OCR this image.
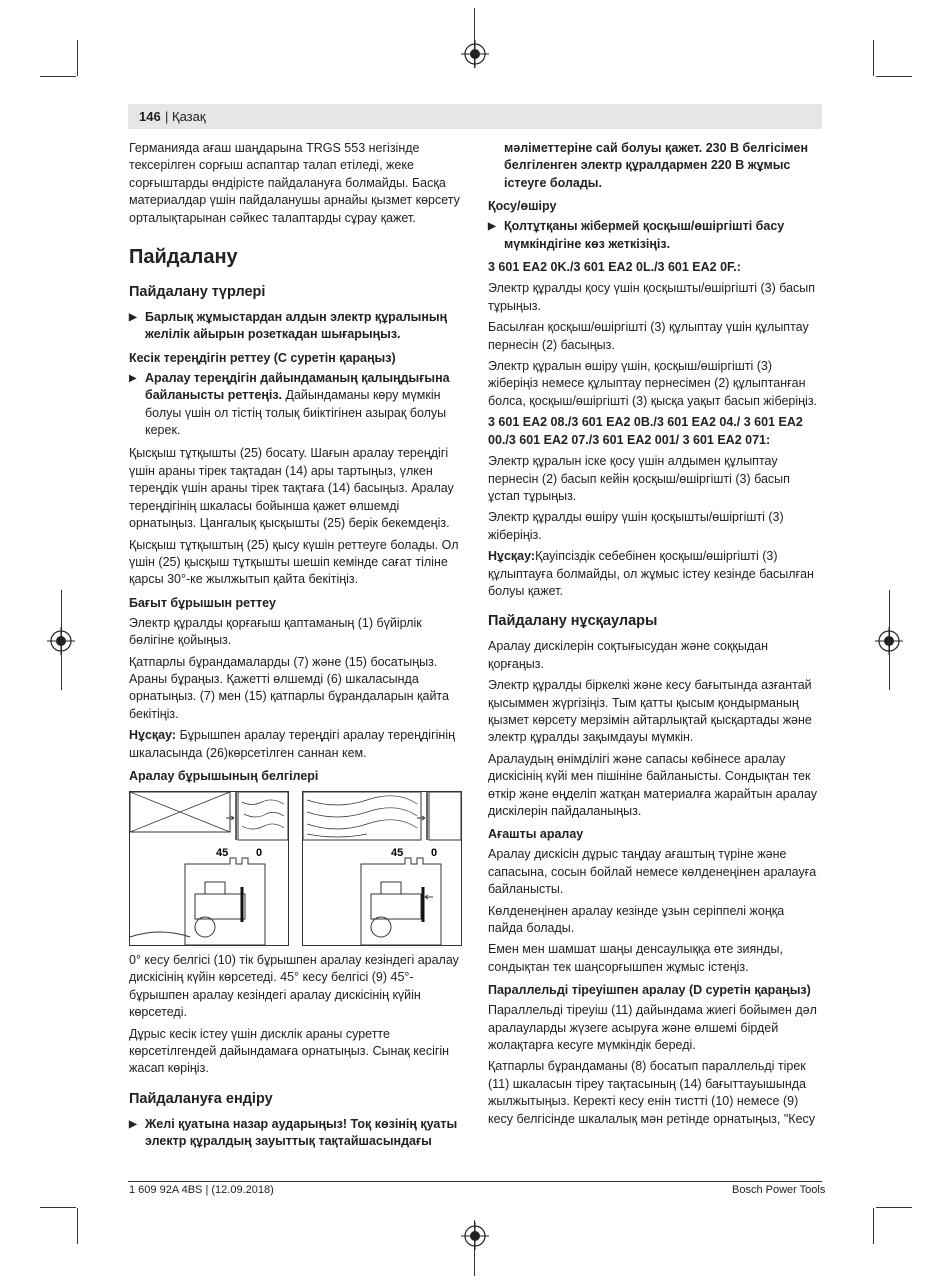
146 | Қазақ

Германияда ағаш шаңдарына TRGS 553 негізінде тексерілген сорғыш аспаптар талап етіледі, жеке сорғыштарды өндірісте пайдалануға болмайды. Басқа материалдар үшін пайдаланушы арнайы қызмет көрсету орталықтарынан сәйкес талаптарды сұрау қажет.

Пайдалану
Пайдалану түрлері
▶ Барлық жұмыстардан алдын электр құралының желілік айырын розеткадан шығарыңыз.
Кесік тереңдігін реттеу (С суретін қараңыз)
▶ Аралау тереңдігін дайындаманың қалыңдығына байланысты реттеңіз. Дайындаманы көру мүмкін болуы үшін ол тістің толық биіктігінен азырақ болуы керек.

Қысқыш тұтқышты (25) босату. Шағын аралау тереңдігі үшін араны тірек тақтадан (14) ары тартыңыз, үлкен тереңдік үшін араны тірек тақтаға (14) басыңыз. Аралау тереңдігінің шкаласы бойынша қажет өлшемді орнатыңыз. Цангалық қысқышты (25) берік бекемдеңіз.

Қысқыш тұтқыштың (25) қысу күшін реттеуге болады. Ол үшін (25) қысқыш тұтқышты шешіп кемінде сағат тіліне қарсы 30°-ке жылжытып қайта бекітіңіз.

Бағыт бұрышын реттеу

Электр құралды қорғағыш қаптаманың (1) бүйірлік бөлігіне қойыңыз.

Қатпарлы бұрандамаларды (7) және (15) босатыңыз. Араны бұраңыз. Қажетті өлшемді (6) шкаласында орнатыңыз. (7) мен (15) қатпарлы бұрандаларын қайта бекітіңіз.

Нұсқау: Бұрышпен аралау тереңдігі аралау тереңдігінің шкаласында (26)көрсетілген саннан кем.

Аралау бұрышының белгілері
45	0	45	0

0° кесу белгісі (10) тік бұрышпен аралау кезіндегі аралау дискісінің күйін көрсетеді. 45° кесу белгісі (9) 45°-бұрышпен аралау кезіндегі аралау дискісінің күйін көрсетеді.

Дұрыс кесік істеу үшін дисклік араны суретте көрсетілгендей дайындамаға орнатыңыз. Сынақ кесігін жасап көріңіз.

Пайдалануға ендіру
▶ Желі қуатына назар аударыңыз! Тоқ көзінің қуаты электр құралдың зауыттық тақтайшасындағы
мәліметтеріне сай болуы қажет. 230 В белгісімен белгіленген электр құралдармен 220 В жұмыс істеуге болады.
Қосу/өшіру
▶ Қолтұтқаны жібермей қосқыш/өшіргішті басу мүмкіндігіне көз жеткізіңіз.

3 601 EA2 0K./3 601 EA2 0L./3 601 EA2 0F.:

Электр құралды қосу үшін қосқышты/өшіргішті (3) басып тұрыңыз.

Басылған қосқыш/өшіргішті (3) құлыптау үшін құлыптау пернесін (2) басыңыз.

Электр құралын өшіру үшін, қосқыш/өшіргішті (3) жіберіңіз немесе құлыптау пернесімен (2) құлыптанған болса, қосқыш/өшіргішті (3) қысқа уақыт басып жіберіңіз.

3 601 EA2 08./3 601 EA2 0B./3 601 EA2 04./ 3 601 EA2 00./3 601 EA2 07./3 601 EA2 001/ 3 601 EA2 071:

Электр құралын іске қосу үшін алдымен құлыптау пернесін (2) басып кейін қосқыш/өшіргішті (3) басып ұстап тұрыңыз.

Электр құралды өшіру үшін қосқышты/өшіргішті (3) жіберіңіз.

Нұсқау:Қауіпсіздік себебінен қосқыш/өшіргішті (3) құлыптауға болмайды, ол жұмыс істеу кезінде басылған болуы қажет.

Пайдалану нұсқаулары

Аралау дискілерін соқтығысудан және соққыдан қорғаңыз.

Электр құралды біркелкі және кесу бағытында азғантай қысыммен жүргізіңіз. Тым қатты қысым қондырманың қызмет көрсету мерзімін айтарлықтай қысқартады және электр құралды зақымдауы мүмкін.

Аралаудың өнімділігі және сапасы көбінесе аралау дискісінің күйі мен пішініне байланысты. Сондықтан тек өткір және өңделіп жатқан материалға жарайтын аралау дискілерін пайдаланыңыз.

Ағашты аралау

Аралау дискісін дұрыс таңдау ағаштың түріне және сапасына, сосын бойлай немесе көлденеңінен аралауға байланысты.

Көлденеңінен аралау кезінде ұзын серіппелі жоңқа пайда болады.

Емен мен шамшат шаңы денсаулыққа өте зиянды, сондықтан тек шаңсорғышпен жұмыс істеңіз.

Параллельді тіреуішпен аралау (D суретін қараңыз)

Параллельді тіреуіш (11) дайындама жиегі бойымен дәл аралауларды жүзеге асыруға және өлшемі бірдей жолақтарға кесуге мүмкіндік береді.

Қатпарлы бұрандаманы (8) босатып параллельді тірек (11) шкаласын тіреу тақтасының (14) бағыттауышында жылжытыңыз. Керекті кесу енін тистті (10) немесе (9) кесу белгісінде шкалалық мән ретінде орнатыңыз, "Кесу

1 609 92A 4BS | (12.09.2018)	Bosch Power Tools
